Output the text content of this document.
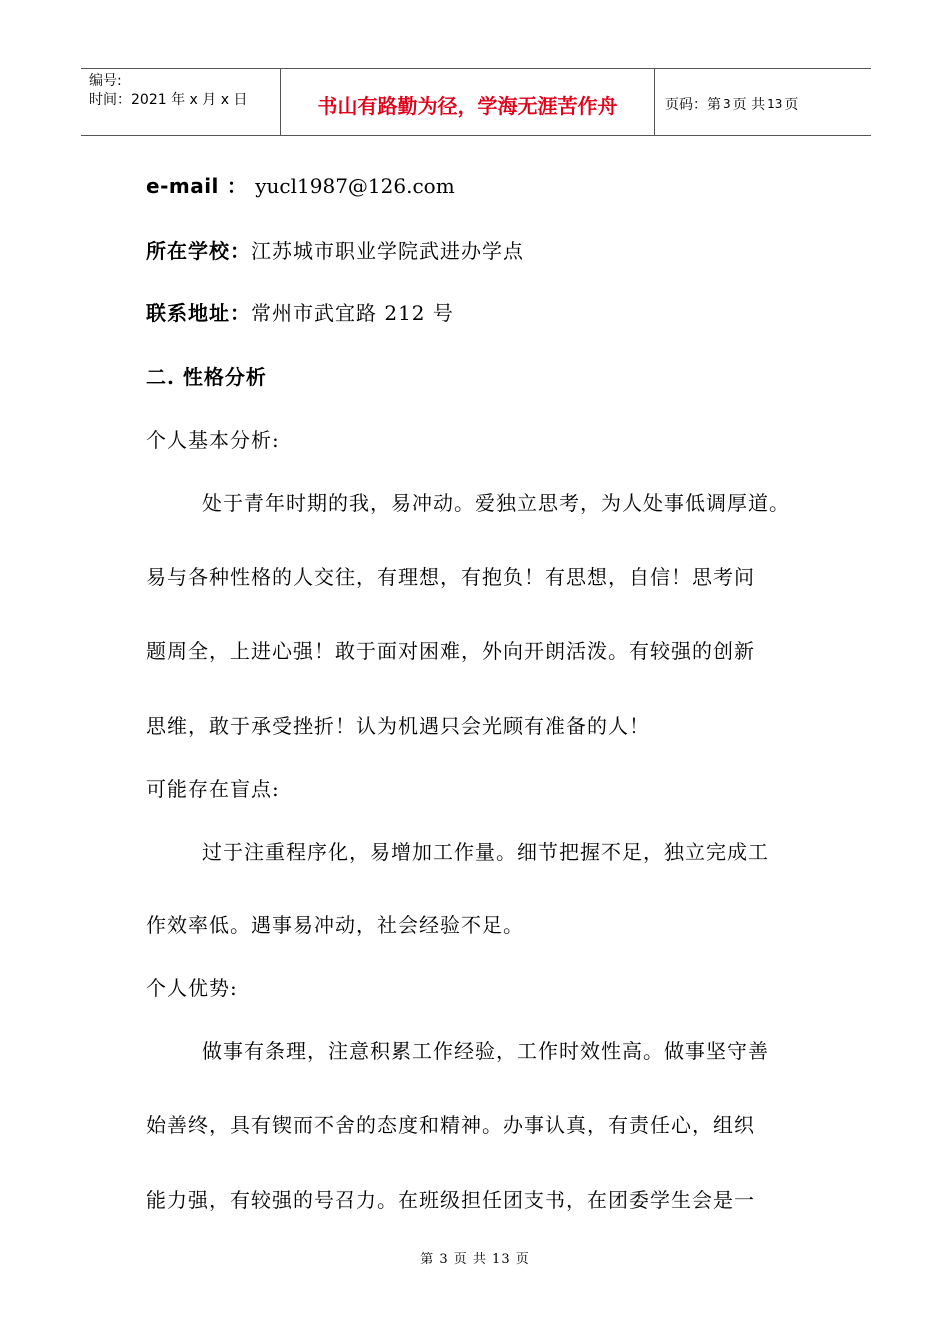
编号:
时间：2021 年 x 月 x 日	书山有路勤为径，学海无涯苦作舟	页码：第 3 页 共 13 页
e-mail ： yucl1987@126.com
所在学校：江苏城市职业学院武进办学点
联系地址：常州市武宜路 212 号
二. 性格分析
个人基本分析:
处于青年时期的我，易冲动。爱独立思考，为人处事低调厚道。
易与各种性格的人交往，有理想，有抱负！有思想，自信！思考问
题周全，上进心强！敢于面对困难，外向开朗活泼。有较强的创新
思维，敢于承受挫折！认为机遇只会光顾有准备的人！
可能存在盲点:
过于注重程序化，易增加工作量。细节把握不足，独立完成工
作效率低。遇事易冲动，社会经验不足。
个人优势:
做事有条理，注意积累工作经验，工作时效性高。做事坚守善
始善终，具有锲而不舍的态度和精神。办事认真，有责任心，组织
能力强，有较强的号召力。在班级担任团支书，在团委学生会是一
第 3 页 共 13 页
